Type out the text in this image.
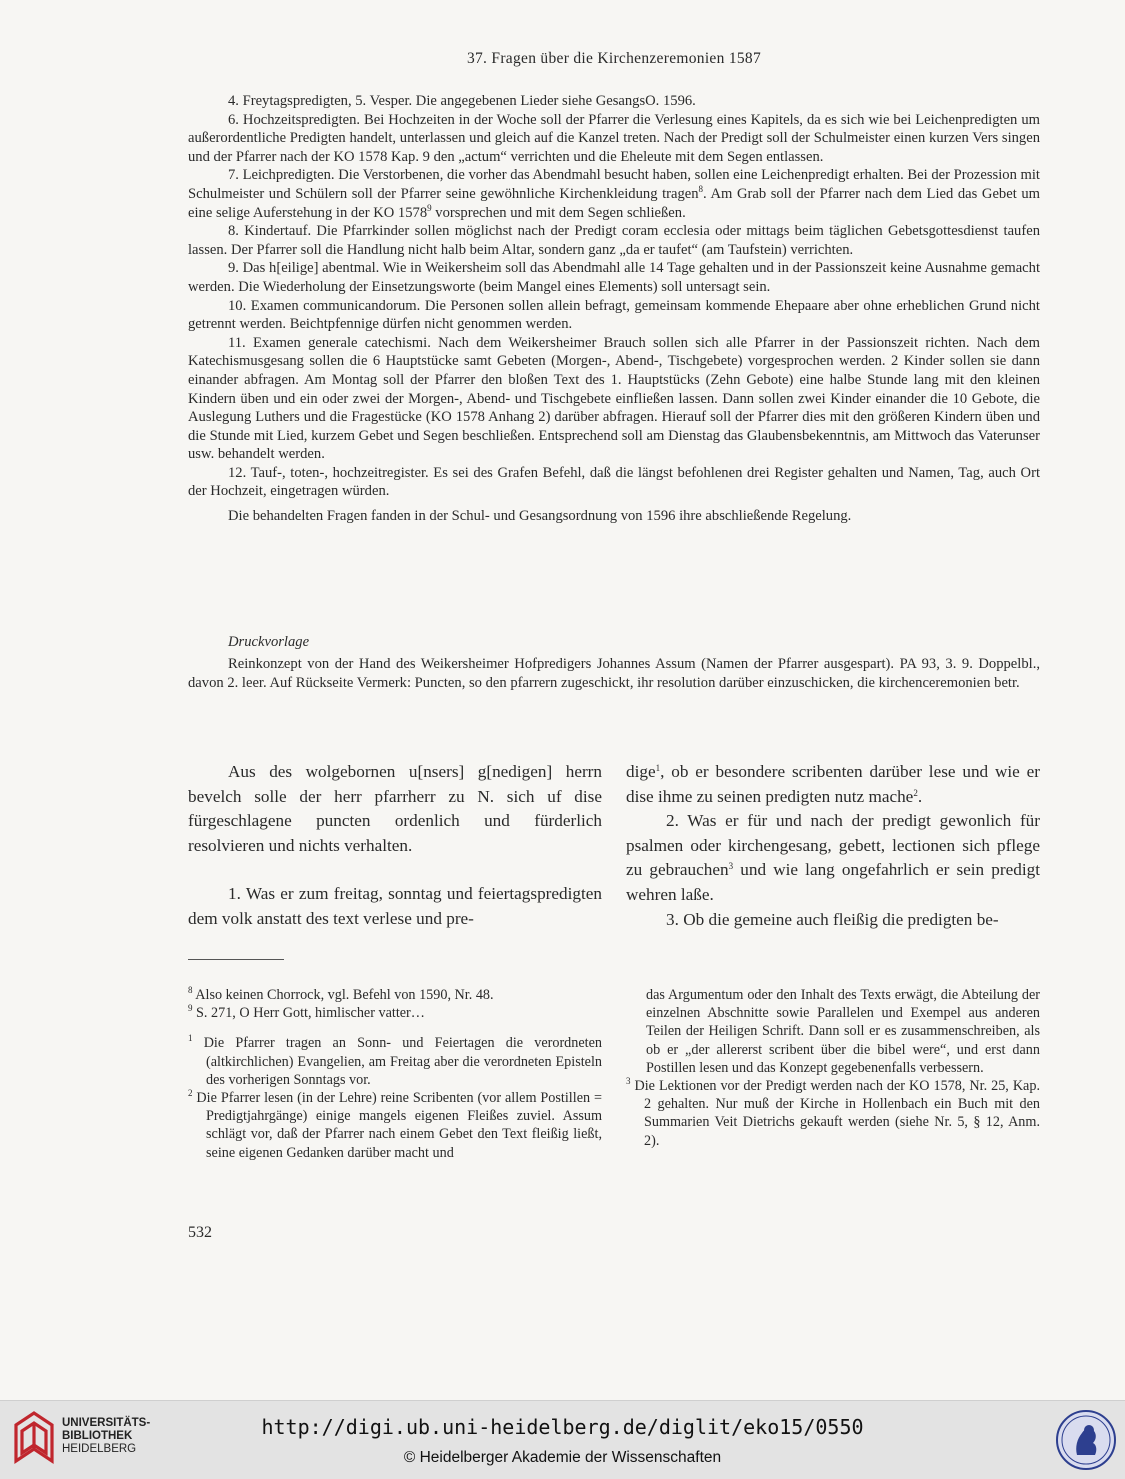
37. Fragen über die Kirchenzeremonien 1587

4. Freytagspredigten, 5. Vesper. Die angegebenen Lieder siehe GesangsO. 1596.

6. Hochzeitspredigten. Bei Hochzeiten in der Woche soll der Pfarrer die Verlesung eines Kapitels, da es sich wie bei Leichenpredigten um außerordentliche Predigten handelt, unterlassen und gleich auf die Kanzel treten. Nach der Predigt soll der Schulmeister einen kurzen Vers singen und der Pfarrer nach der KO 1578 Kap. 9 den „actum“ verrichten und die Eheleute mit dem Segen entlassen.

7. Leichpredigten. Die Verstorbenen, die vorher das Abendmahl besucht haben, sollen eine Leichenpredigt erhalten. Bei der Prozession mit Schulmeister und Schülern soll der Pfarrer seine gewöhnliche Kirchenkleidung tragen$^8$. Am Grab soll der Pfarrer nach dem Lied das Gebet um eine selige Auferstehung in der KO 1578$^9$ vorsprechen und mit dem Segen schließen.

8. Kindertauf. Die Pfarrkinder sollen möglichst nach der Predigt coram ecclesia oder mittags beim täglichen Gebetsgottesdienst taufen lassen. Der Pfarrer soll die Handlung nicht halb beim Altar, sondern ganz „da er taufet“ (am Taufstein) verrichten.

9. Das h[eilige] abentmal. Wie in Weikersheim soll das Abendmahl alle 14 Tage gehalten und in der Passionszeit keine Ausnahme gemacht werden. Die Wiederholung der Einsetzungsworte (beim Mangel eines Elements) soll untersagt sein.

10. Examen communicandorum. Die Personen sollen allein befragt, gemeinsam kommende Ehepaare aber ohne erheblichen Grund nicht getrennt werden. Beichtpfennige dürfen nicht genommen werden.

11. Examen generale catechismi. Nach dem Weikersheimer Brauch sollen sich alle Pfarrer in der Passionszeit richten. Nach dem Katechismusgesang sollen die 6 Hauptstücke samt Gebeten (Morgen-, Abend-, Tischgebete) vorgesprochen werden. 2 Kinder sollen sie dann einander abfragen. Am Montag soll der Pfarrer den bloßen Text des 1. Hauptstücks (Zehn Gebote) eine halbe Stunde lang mit den kleinen Kindern üben und ein oder zwei der Morgen-, Abend- und Tischgebete einfließen lassen. Dann sollen zwei Kinder einander die 10 Gebote, die Auslegung Luthers und die Fragestücke (KO 1578 Anhang 2) darüber abfragen. Hierauf soll der Pfarrer dies mit den größeren Kindern üben und die Stunde mit Lied, kurzem Gebet und Segen beschließen. Entsprechend soll am Dienstag das Glaubensbekenntnis, am Mittwoch das Vaterunser usw. behandelt werden.

12. Tauf-, toten-, hochzeitregister. Es sei des Grafen Befehl, daß die längst befohlenen drei Register gehalten und Namen, Tag, auch Ort der Hochzeit, eingetragen würden.

Die behandelten Fragen fanden in der Schul- und Gesangsordnung von 1596 ihre abschließende Regelung.

Druckvorlage

Reinkonzept von der Hand des Weikersheimer Hofpredigers Johannes Assum (Namen der Pfarrer ausgespart). PA 93, 3. 9. Doppelbl., davon 2. leer. Auf Rückseite Vermerk: Puncten, so den pfarrern zugeschickt, ihr resolution darüber einzuschicken, die kirchenceremonien betr.

Aus des wolgebornen u[nsers] g[nedigen] herrn bevelch solle der herr pfarrherr zu N. sich uf dise fürgeschlagene puncten ordenlich und fürderlich resolvieren und nichts verhalten.

1. Was er zum freitag, sonntag und feiertagspredigten dem volk anstatt des text verlese und pre-

dige$^1$, ob er besondere scribenten darüber lese und wie er dise ihme zu seinen predigten nutz mache$^2$.

2. Was er für und nach der predigt gewonlich für psalmen oder kirchengesang, gebett, lectionen sich pflege zu gebrauchen$^3$ und wie lang ongefahrlich er sein predigt wehren laße.

3. Ob die gemeine auch fleißig die predigten be-

$^8$ Also keinen Chorrock, vgl. Befehl von 1590, Nr. 48.

$^9$ S. 271, O Herr Gott, himlischer vatter…

$^1$ Die Pfarrer tragen an Sonn- und Feiertagen die verordneten (altkirchlichen) Evangelien, am Freitag aber die verordneten Episteln des vorherigen Sonntags vor.

$^2$ Die Pfarrer lesen (in der Lehre) reine Scribenten (vor allem Postillen = Predigtjahrgänge) einige mangels eigenen Fleißes zuviel. Assum schlägt vor, daß der Pfarrer nach einem Gebet den Text fleißig ließt, seine eigenen Gedanken darüber macht und

das Argumentum oder den Inhalt des Texts erwägt, die Abteilung der einzelnen Abschnitte sowie Parallelen und Exempel aus anderen Teilen der Heiligen Schrift. Dann soll er es zusammenschreiben, als ob er „der allererst scribent über die bibel were“, und erst dann Postillen lesen und das Konzept gegebenenfalls verbessern.

$^3$ Die Lektionen vor der Predigt werden nach der KO 1578, Nr. 25, Kap. 2 gehalten. Nur muß der Kirche in Hollenbach ein Buch mit den Summarien Veit Dietrichs gekauft werden (siehe Nr. 5, § 12, Anm. 2).

532
UNIVERSITÄTS-
BIBLIOTHEK
HEIDELBERG
http://digi.ub.uni-heidelberg.de/diglit/eko15/0550
© Heidelberger Akademie der Wissenschaften
